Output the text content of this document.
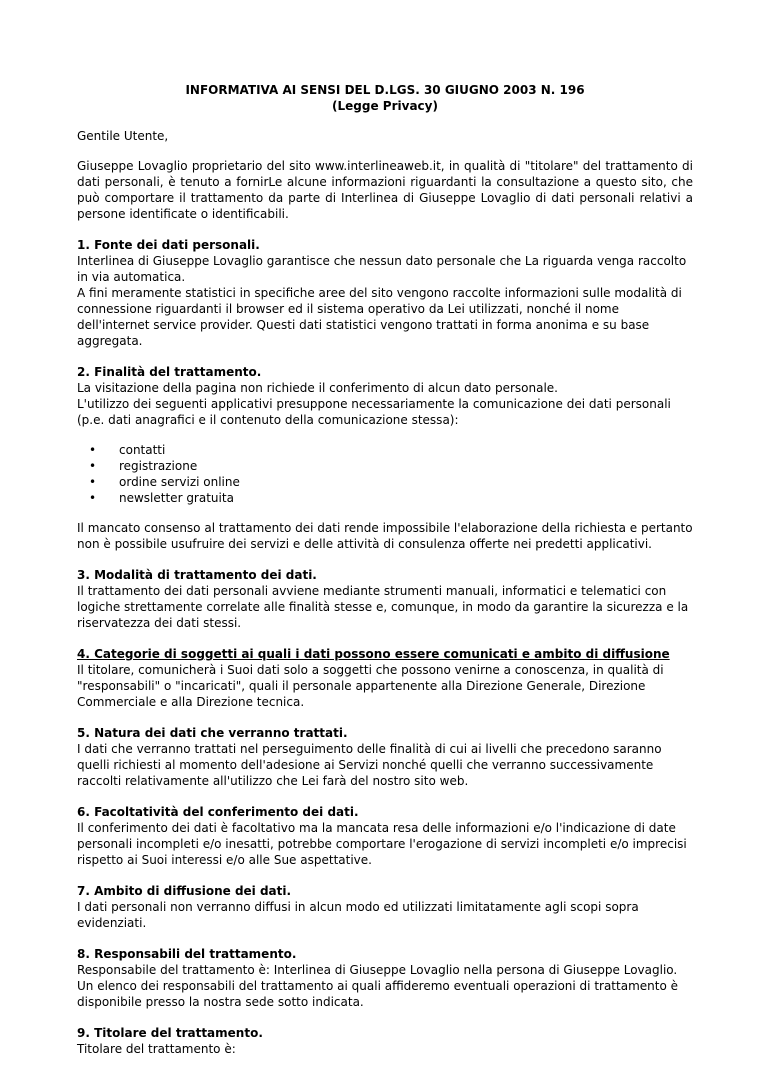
INFORMATIVA AI SENSI DEL D.LGS. 30 GIUGNO 2003 N. 196

(Legge Privacy)

Gentile Utente,

Giuseppe Lovaglio proprietario del sito www.interlineaweb.it, in qualità di "titolare" del trattamento di dati personali, è tenuto a fornirLe alcune informazioni riguardanti la consultazione a questo sito, che può comportare il trattamento da parte di Interlinea di Giuseppe Lovaglio di dati personali relativi a persone identificate o identificabili.

1. Fonte dei dati personali.

Interlinea di Giuseppe Lovaglio garantisce che nessun dato personale che La riguarda venga raccolto in via automatica.

A fini meramente statistici in specifiche aree del sito vengono raccolte informazioni sulle modalità di connessione riguardanti il browser ed il sistema operativo da Lei utilizzati, nonché il nome dell'internet service provider. Questi dati statistici vengono trattati in forma anonima e su base aggregata.

2. Finalità del trattamento.

La visitazione della pagina non richiede il conferimento di alcun dato personale.

L'utilizzo dei seguenti applicativi presuppone necessariamente la comunicazione dei dati personali (p.e. dati anagrafici e il contenuto della comunicazione stessa):

• contatti
• registrazione
• ordine servizi online
• newsletter gratuita

Il mancato consenso al trattamento dei dati rende impossibile l'elaborazione della richiesta e pertanto non è possibile usufruire dei servizi e delle attività di consulenza offerte nei predetti applicativi.

3. Modalità di trattamento dei dati.

Il trattamento dei dati personali avviene mediante strumenti manuali, informatici e telematici con logiche strettamente correlate alle finalità stesse e, comunque, in modo da garantire la sicurezza e la riservatezza dei dati stessi.

4. Categorie di soggetti ai quali i dati possono essere comunicati e ambito di diffusione

Il titolare, comunicherà i Suoi dati solo a soggetti che possono venirne a conoscenza, in qualità di "responsabili" o "incaricati", quali il personale appartenente alla Direzione Generale, Direzione Commerciale e alla Direzione tecnica.

5. Natura dei dati che verranno trattati.

I dati che verranno trattati nel perseguimento delle finalità di cui ai livelli che precedono saranno quelli richiesti al momento dell'adesione ai Servizi nonché quelli che verranno successivamente raccolti relativamente all'utilizzo che Lei farà del nostro sito web.

6. Facoltatività del conferimento dei dati.

Il conferimento dei dati è facoltativo ma la mancata resa delle informazioni e/o l'indicazione di date personali incompleti e/o inesatti, potrebbe comportare l'erogazione di servizi incompleti e/o imprecisi rispetto ai Suoi interessi e/o alle Sue aspettative.

7. Ambito di diffusione dei dati.

I dati personali non verranno diffusi in alcun modo ed utilizzati limitatamente agli scopi sopra evidenziati.

8. Responsabili del trattamento.

Responsabile del trattamento è: Interlinea di Giuseppe Lovaglio nella persona di Giuseppe Lovaglio. Un elenco dei responsabili del trattamento ai quali affideremo eventuali operazioni di trattamento è disponibile presso la nostra sede sotto indicata.

9. Titolare del trattamento.

Titolare del trattamento è:
